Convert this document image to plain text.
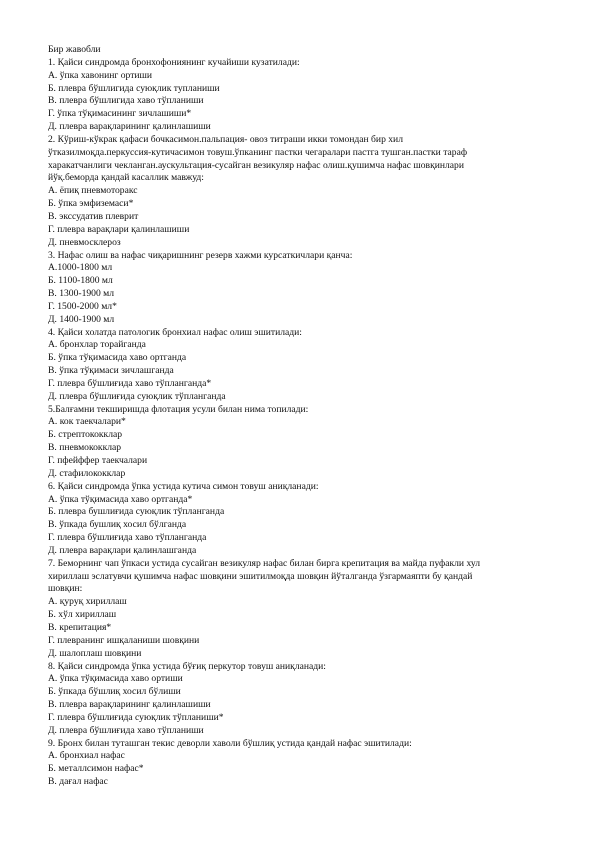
Бир жавобли
1. Қайси синдромда бронхофониянинг кучайиши кузатилади:
А. ўпка хавонинг ортиши
Б. плевра бўшлигида суюқлик тупланиши
В. плевра бўшлигида хаво тўпланиши
Г. ўпка тўқимасининг зичлашиши*
Д. плевра варақларининг қалинлашиши
2. Кўриш-кўкрак қафаси бочкасимон.пальпация- овоз титраши икки томондан бир хил
ўтказилмоқда.перкуссия-кутичасимон товуш.ўпканинг пастки чегаралари пастга тушган.пастки тараф
харакатчанлиги чекланган.аускультация-сусайган везикуляр нафас олиш.қушимча нафас шовқинлари
йўқ.беморда қандай касаллик мавжуд:
А. ёпиқ пневмоторакс
Б. ўпка эмфиземаси*
В. экссудатив плеврит
Г. плевра варақлари қалинлашиши
Д. пневмосклероз
3. Нафас олиш ва нафас чиқаришнинг резерв хажми курсаткичлари қанча:
А.1000-1800 мл
Б. 1100-1800 мл
В. 1300-1900 мл
Г. 1500-2000 мл*
Д. 1400-1900 мл
4. Қайси холатда патологик бронхиал нафас олиш эшитилади:
А. бронхлар торайганда
Б. ўпка тўқимасида хаво ортганда
В. ўпка тўқимаси зичлашганда
Г. плевра бўшлиғида хаво тўпланганда*
Д. плевра бўшлиғида суюқлик тўпланганда
5.Балғамни текширишда флотация усули билан нима топилади:
А. кок таекчалари*
Б. стрептококклар
В. пневмококклар
Г. пфейффер таекчалари
Д. стафилококклар
6. Қайси синдромда ўпка устида кутича симон товуш аниқланади:
А. ўпка тўқимасида хаво ортганда*
Б. плевра бушлиғида суюқлик тўпланганда
В. ўпкада бушлиқ хосил бўлганда
Г. плевра бўшлиғида хаво тўпланганда
Д. плевра варақлари қалинлашганда
7. Беморнинг чап ўпкаси устида сусайган везикуляр нафас билан бирга крепитация ва майда пуфакли хул
хириллаш эслатувчи қушимча нафас шовқини эшитилмоқда шовқин йўталганда ўзгармаяпти бу қандай
шовқин:
А. қуруқ хириллаш
Б. хўл хириллаш
В. крепитация*
Г. плевранинг ишқаланиши шовқини
Д. шалоплаш шовқини
8. Қайси синдромда ўпка устида бўғиқ перкутор товуш аниқланади:
А. ўпка тўқимасида хаво ортиши
Б. ўпкада бўшлиқ хосил бўлиши
В. плевра варақларининг қалинлашиши
Г. плевра бўшлиғида суюқлик тўпланиши*
Д. плевра бўшлиғида хаво тўпланиши
9. Бронх билан туташган текис деворли хаволи бўшлиқ устида қандай нафас эшитилади:
А. бронхиал нафас
Б. металлсимон нафас*
В. дағал нафас
